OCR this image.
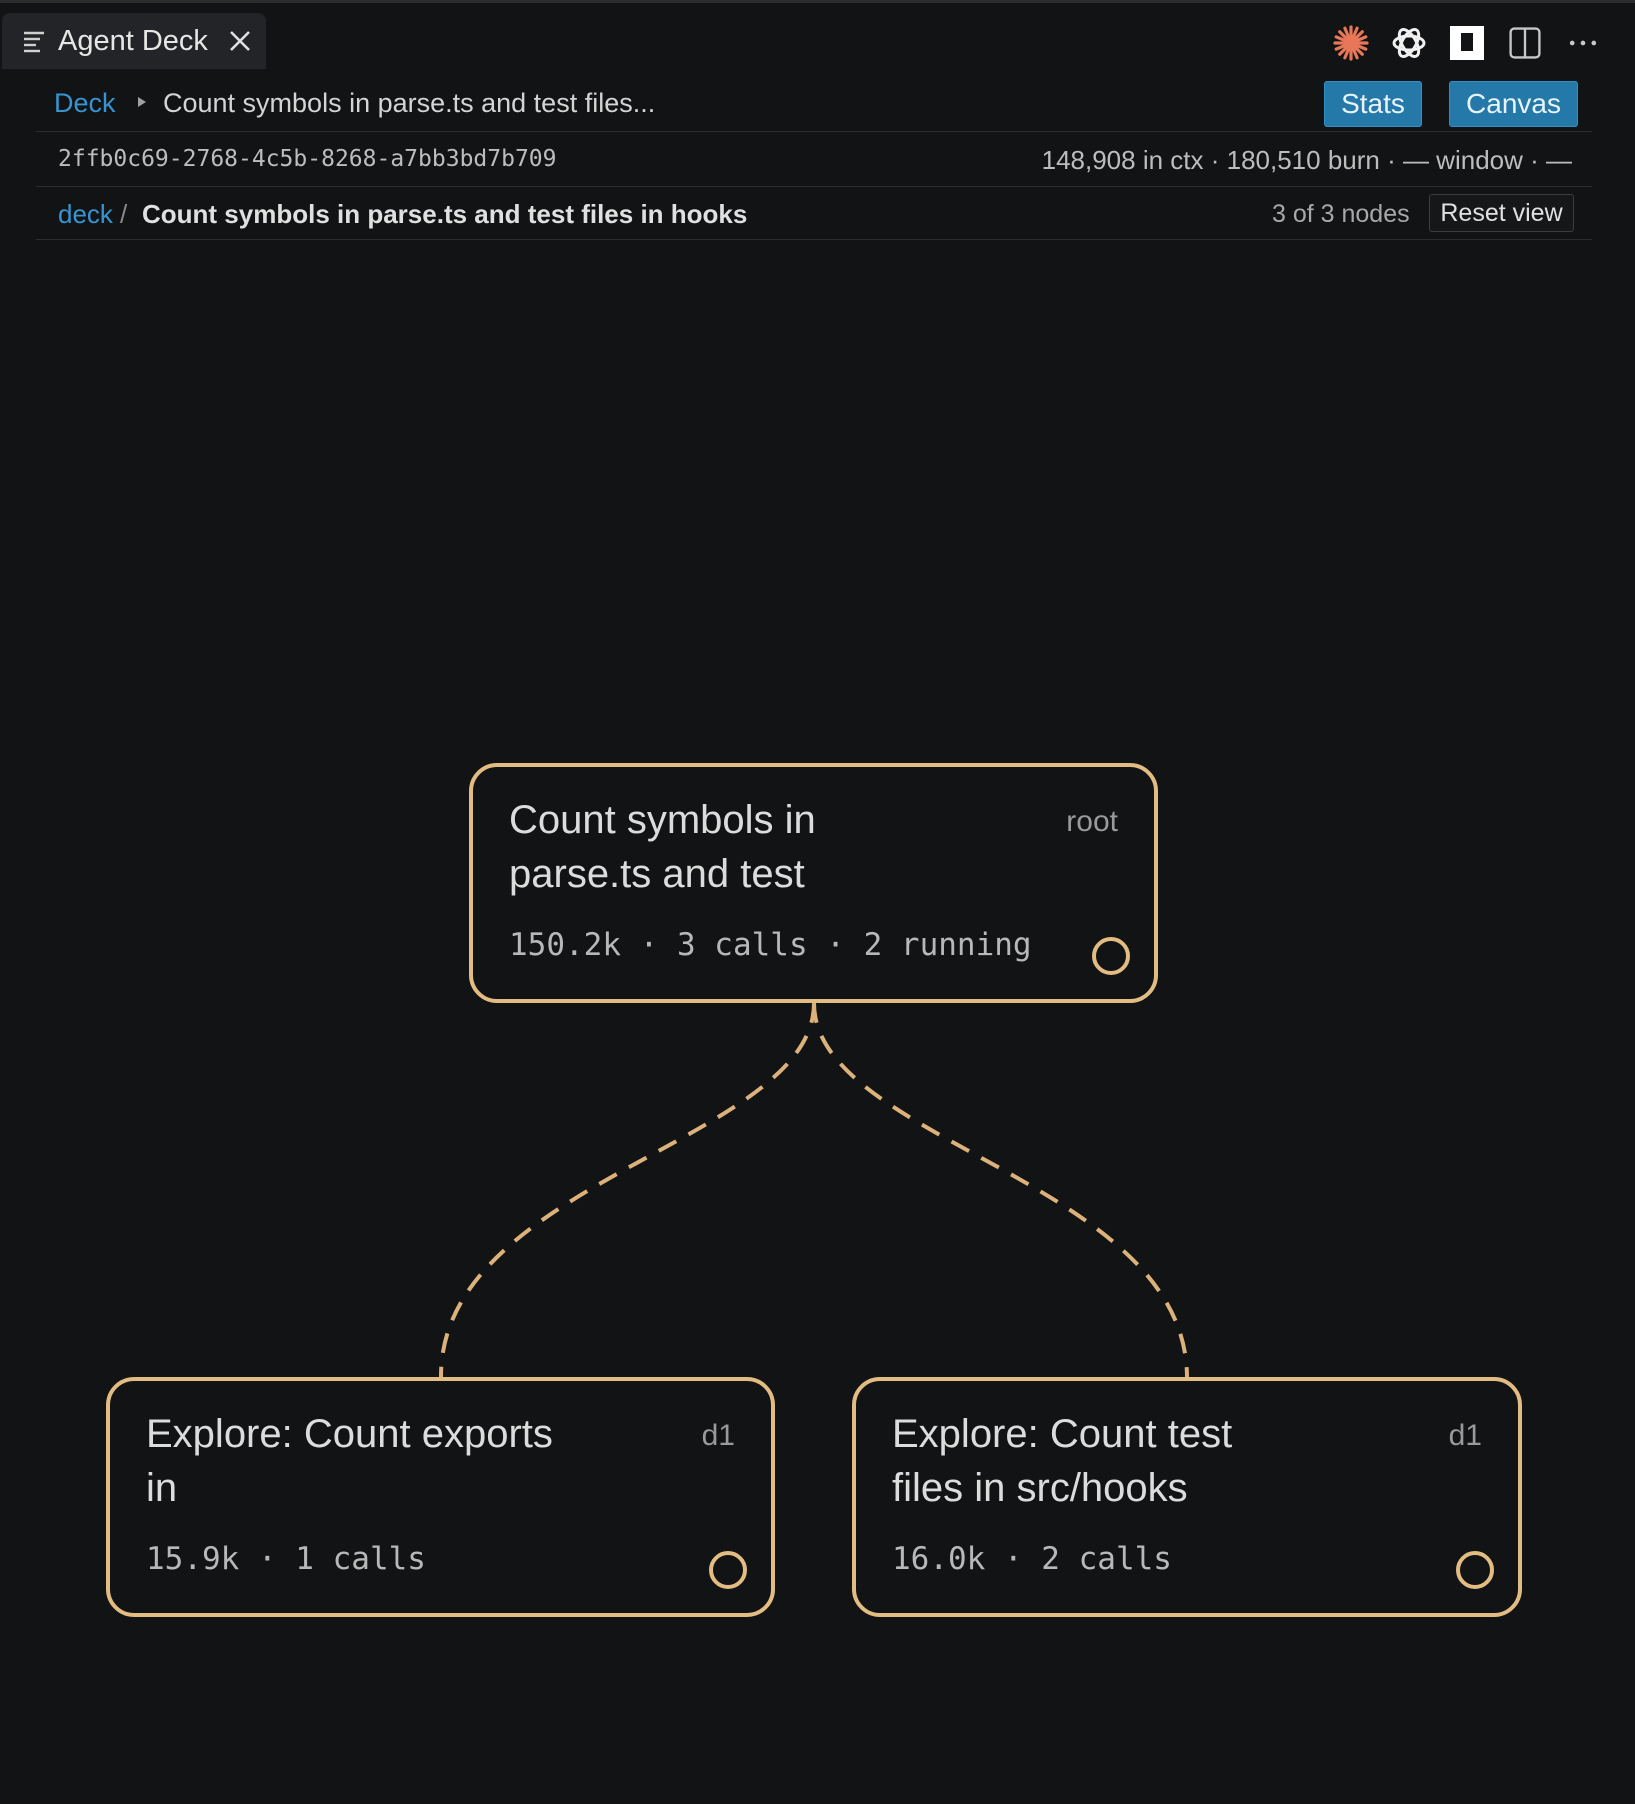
Agent Deck
Deck Count symbols in parse.ts and test files...	Stats	Canvas
2ffb0c69-2768-4c5b-8268-a7bb3bd7b709	148,908 in ctx · 180,510 burn · — window · —
deck / Count symbols in parse.ts and test files in hooks	3 of 3 nodes	Reset view
Count symbols in parse.ts and test
root
150.2k · 3 calls · 2 running
Explore: Count exports in
d1
15.9k · 1 calls
Explore: Count test files in src/hooks
d1
16.0k · 2 calls
